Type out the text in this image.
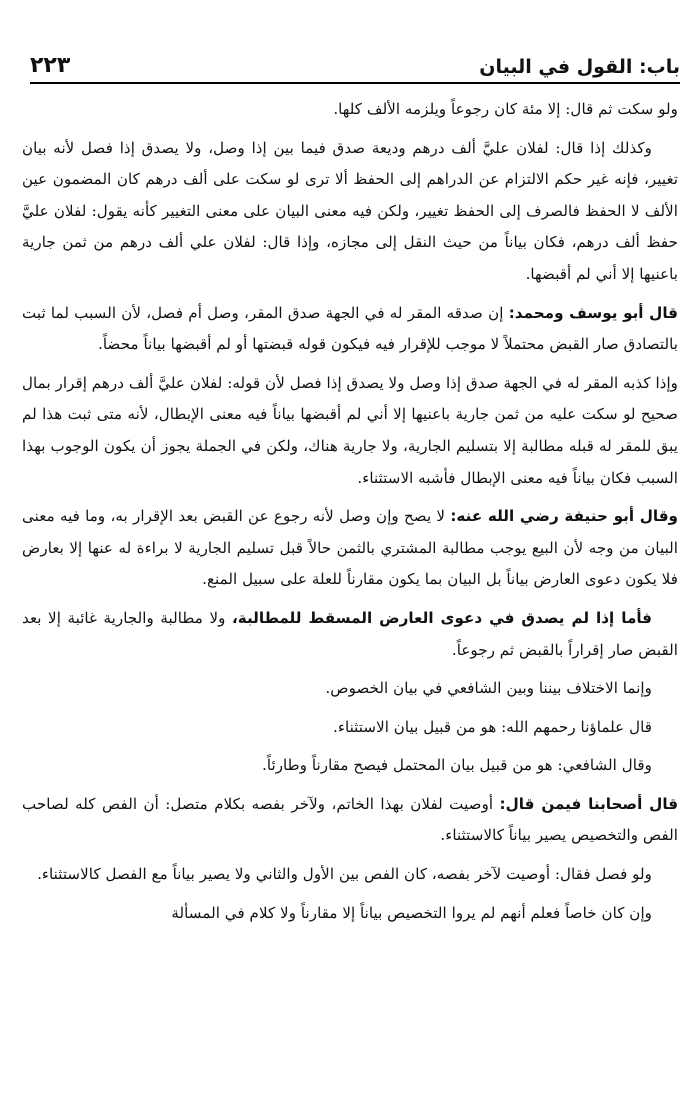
باب: القول في البيان
٢٢٣

ولو سكت ثم قال: إلا مئة كان رجوعاً ويلزمه الألف كلها.

وكذلك إذا قال: لفلان عليَّ ألف درهم وديعة صدق فيما بين إذا وصل، ولا يصدق إذا فصل لأنه بيان تغيير، فإنه غير حكم الالتزام عن الدراهم إلى الحفظ ألا ترى لو سكت على ألف درهم كان المضمون عين الألف لا الحفظ فالصرف إلى الحفظ تغيير، ولكن فيه معنى البيان على معنى التغيير كأنه يقول: لفلان عليَّ حفظ ألف درهم، فكان بياناً من حيث النقل إلى مجازه، وإذا قال: لفلان علي ألف درهم من ثمن جارية باعنيها إلا أني لم أقبضها.

قال أبو يوسف ومحمد: إن صدقه المقر له في الجهة صدق المقر، وصل أم فصل، لأن السبب لما ثبت بالتصادق صار القبض محتملاً لا موجب للإقرار فيه فيكون قوله قبضتها أو لم أقبضها بياناً محضاً.

وإذا كذبه المقر له في الجهة صدق إذا وصل ولا يصدق إذا فصل لأن قوله: لفلان عليَّ ألف درهم إقرار بمال صحيح لو سكت عليه من ثمن جارية باعنيها إلا أني لم أقبضها بياناً فيه معنى الإبطال، لأنه متى ثبت هذا لم يبق للمقر له قبله مطالبة إلا بتسليم الجارية، ولا جارية هناك، ولكن في الجملة يجوز أن يكون الوجوب بهذا السبب فكان بياناً فيه معنى الإبطال فأشبه الاستثناء.

وقال أبو حنيفة رضي الله عنه: لا يصح وإن وصل لأنه رجوع عن القبض بعد الإقرار به، وما فيه معنى البيان من وجه لأن البيع يوجب مطالبة المشتري بالثمن حالاً قبل تسليم الجارية لا براءة له عنها إلا بعارض فلا يكون دعوى العارض بياناً بل البيان بما يكون مقارناً للعلة على سبيل المنع.

فأما إذا لم يصدق في دعوى العارض المسقط للمطالبة، ولا مطالبة والجارية غائبة إلا بعد القبض صار إقراراً بالقبض ثم رجوعاً.

وإنما الاختلاف بيننا وبين الشافعي في بيان الخصوص.

قال علماؤنا رحمهم الله: هو من قبيل بيان الاستثناء.

وقال الشافعي: هو من قبيل بيان المحتمل فيصح مقارناً وطارئاً.

قال أصحابنا فيمن قال: أوصيت لفلان بهذا الخاتم، ولآخر بفصه بكلام متصل: أن الفص كله لصاحب الفص والتخصيص يصير بياناً كالاستثناء.

ولو فصل فقال: أوصيت لآخر بفصه، كان الفص بين الأول والثاني ولا يصير بياناً مع الفصل كالاستثناء.

وإن كان خاصاً فعلم أنهم لم يروا التخصيص بياناً إلا مقارناً ولا كلام في المسألة
